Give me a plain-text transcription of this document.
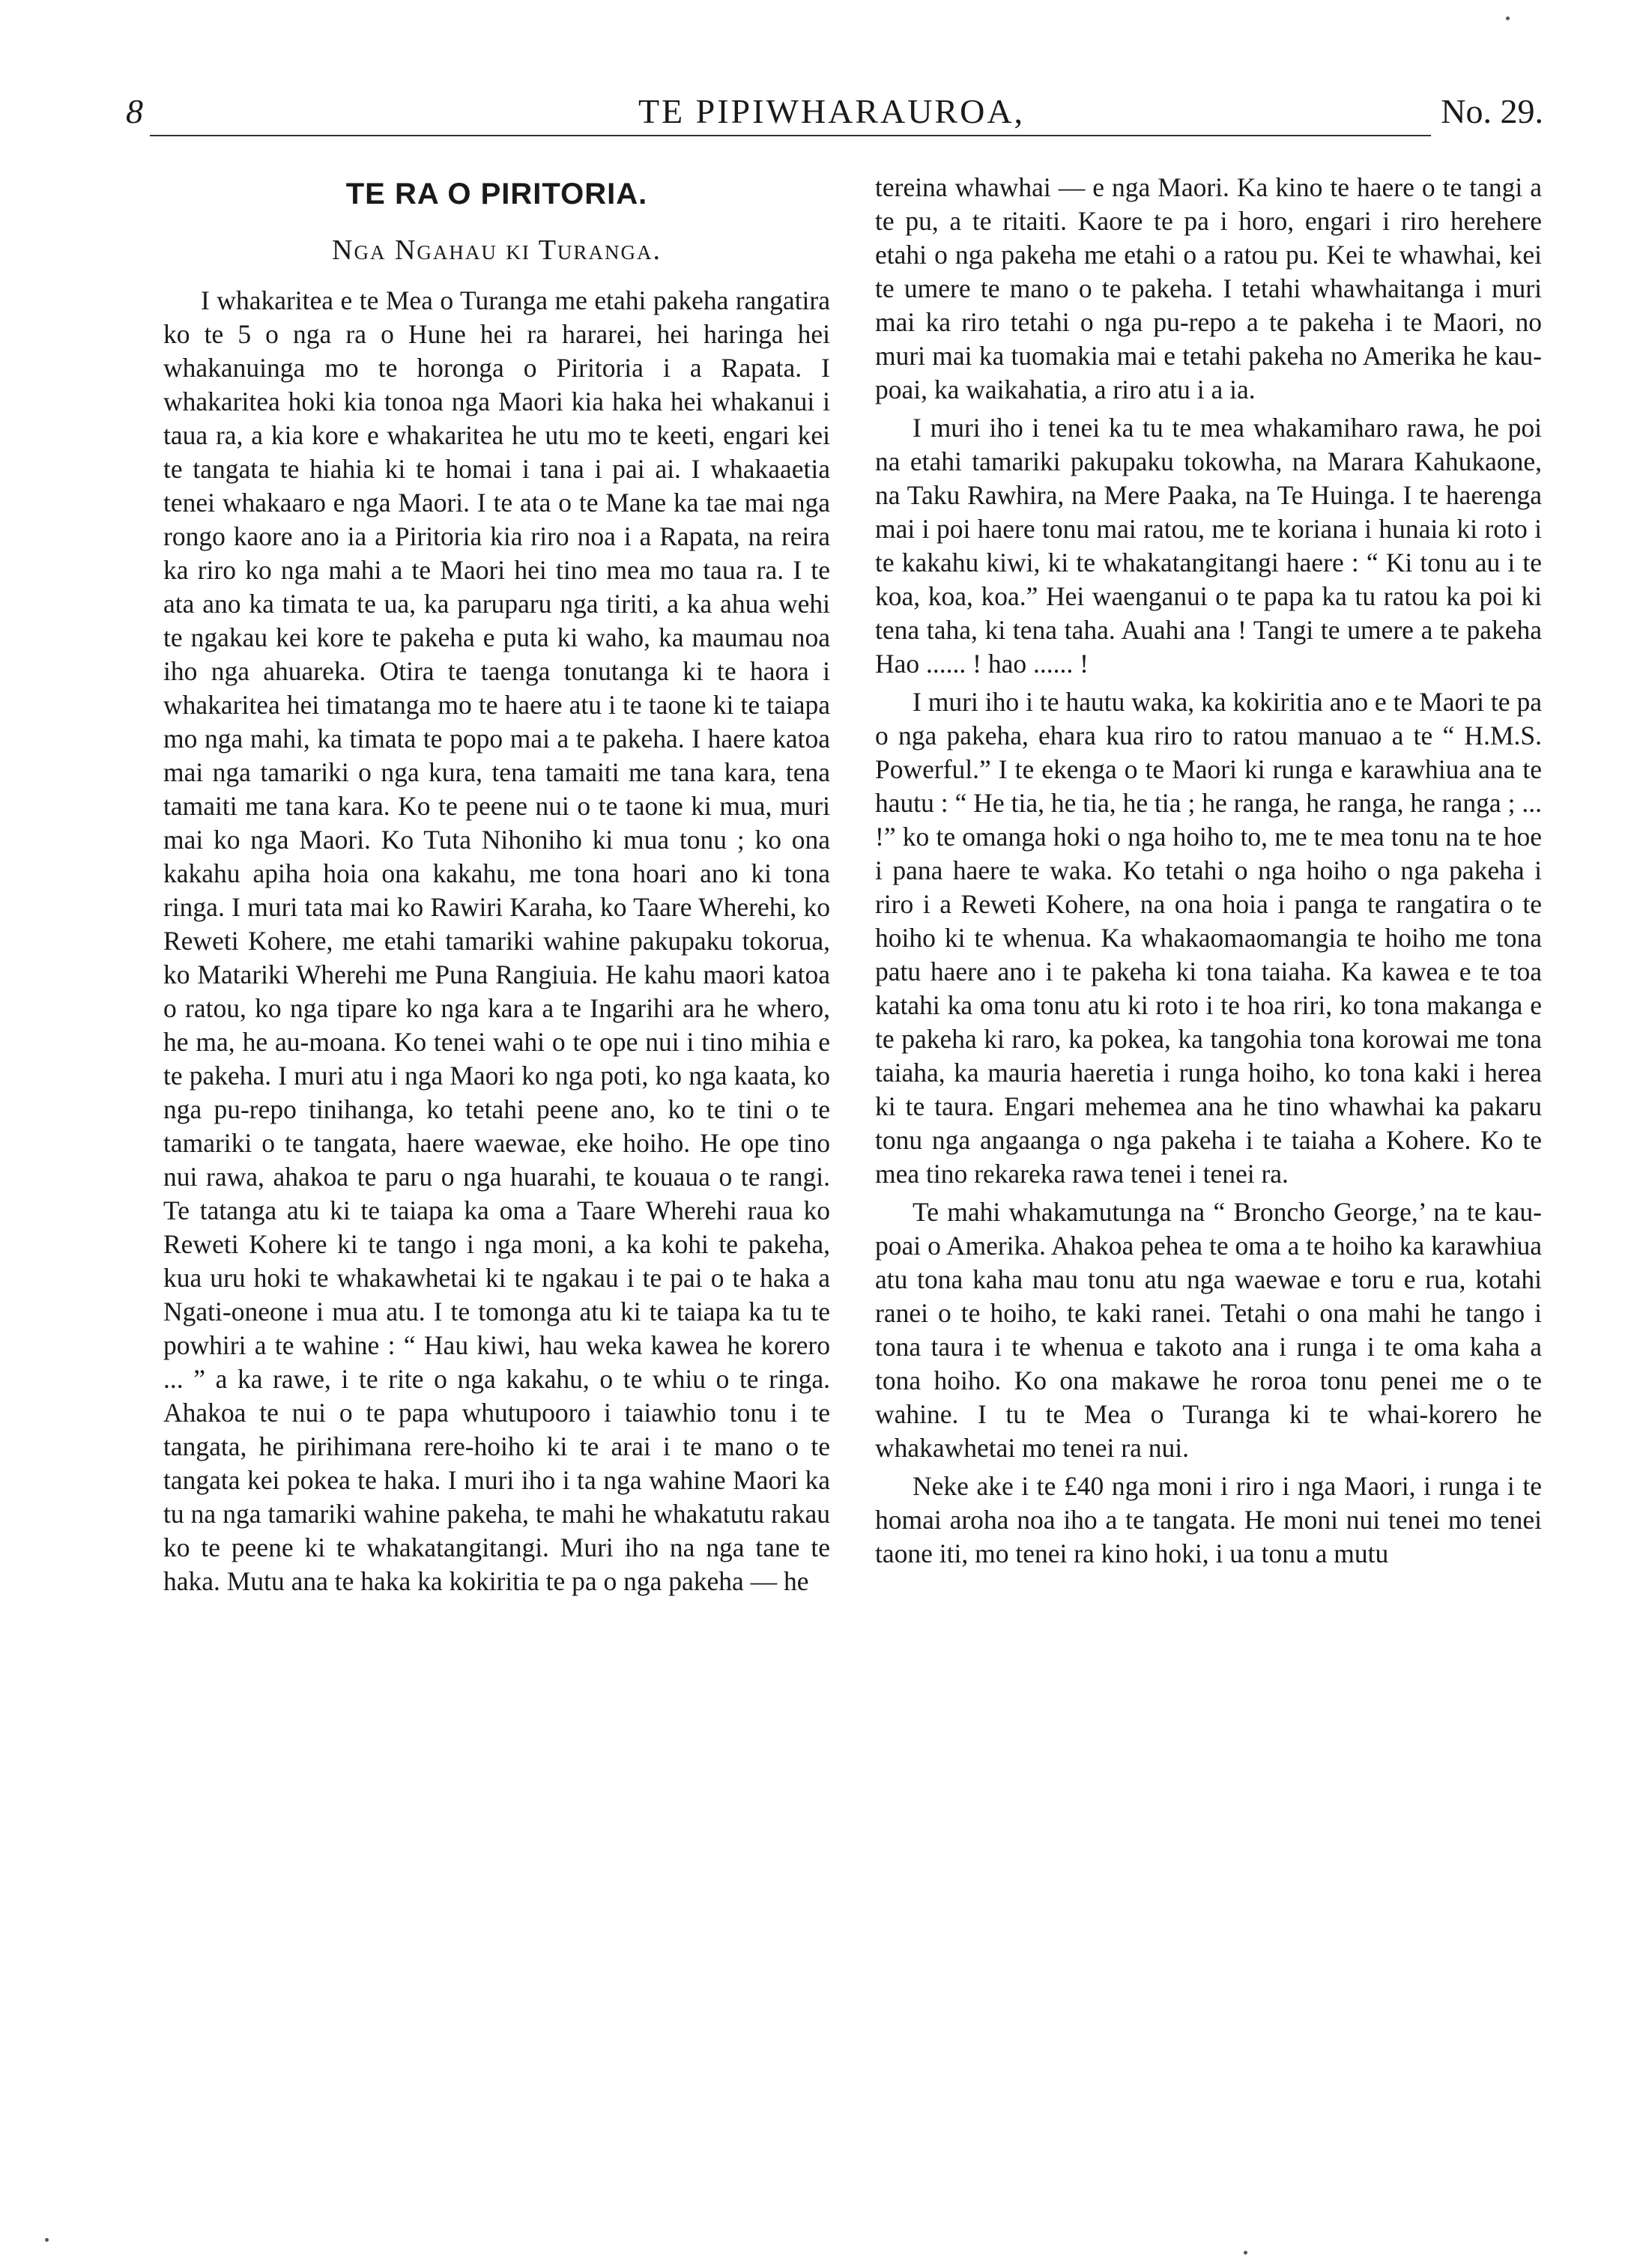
8	TE PIPIWHARAUROA,	No. 29.
TE RA O PIRITORIA.
Nga Ngahau ki Turanga.

I whakaritea e te Mea o Turanga me etahi pakeha rangatira ko te 5 o nga ra o Hune hei ra hararei, hei haringa hei whakanuinga mo te horonga o Piritoria i a Rapata. I whakaritea hoki kia tonoa nga Maori kia haka hei whakanui i taua ra, a kia kore e whakaritea he utu mo te keeti, engari kei te tangata te hiahia ki te homai i tana i pai ai. I whakaaetia tenei whakaaro e nga Maori. I te ata o te Mane ka tae mai nga rongo kaore ano ia a Piritoria kia riro noa i a Rapata, na reira ka riro ko nga mahi a te Maori hei tino mea mo taua ra. I te ata ano ka timata te ua, ka paruparu nga tiriti, a ka ahua wehi te ngakau kei kore te pakeha e puta ki waho, ka maumau noa iho nga ahuareka. Otira te taenga tonutanga ki te haora i whakaritea hei timatanga mo te haere atu i te taone ki te taiapa mo nga mahi, ka timata te popo mai a te pakeha. I haere katoa mai nga tamariki o nga kura, tena tamaiti me tana kara, tena tamaiti me tana kara. Ko te peene nui o te taone ki mua, muri mai ko nga Maori. Ko Tuta Nihoniho ki mua tonu ; ko ona kakahu apiha hoia ona kakahu, me tona hoari ano ki tona ringa. I muri tata mai ko Rawiri Karaha, ko Taare Wherehi, ko Reweti Kohere, me etahi tamariki wahine pakupaku tokorua, ko Matariki Wherehi me Puna Rangiuia. He kahu maori katoa o ratou, ko nga tipare ko nga kara a te Ingarihi ara he whero, he ma, he au-moana. Ko tenei wahi o te ope nui i tino mihia e te pakeha. I muri atu i nga Maori ko nga poti, ko nga kaata, ko nga pu-repo tinihanga, ko tetahi peene ano, ko te tini o te tamariki o te tangata, haere waewae, eke hoiho. He ope tino nui rawa, ahakoa te paru o nga huarahi, te kouaua o te rangi. Te tatanga atu ki te taiapa ka oma a Taare Wherehi raua ko Reweti Kohere ki te tango i nga moni, a ka kohi te pakeha, kua uru hoki te whakawhetai ki te ngakau i te pai o te haka a Ngati-oneone i mua atu. I te tomonga atu ki te taiapa ka tu te powhiri a te wahine : “ Hau kiwi, hau weka kawea he korero ... ” a ka rawe, i te rite o nga kakahu, o te whiu o te ringa. Ahakoa te nui o te papa whutupooro i taiawhio tonu i te tangata, he pirihimana rere-hoiho ki te arai i te mano o te tangata kei pokea te haka. I muri iho i ta nga wahine Maori ka tu na nga tamariki wahine pakeha, te mahi he whakatutu rakau ko te peene ki te whakatangitangi. Muri iho na nga tane te haka. Mutu ana te haka ka kokiritia te pa o nga pakeha — he

tereina whawhai — e nga Maori. Ka kino te haere o te tangi a te pu, a te ritaiti. Kaore te pa i horo, engari i riro herehere etahi o nga pakeha me etahi o a ratou pu. Kei te whawhai, kei te umere te mano o te pakeha. I tetahi whawhaitanga i muri mai ka riro tetahi o nga pu-repo a te pakeha i te Maori, no muri mai ka tuomakia mai e tetahi pakeha no Amerika he kau-poai, ka waikahatia, a riro atu i a ia.

I muri iho i tenei ka tu te mea whakamiharo rawa, he poi na etahi tamariki pakupaku tokowha, na Marara Kahukaone, na Taku Rawhira, na Mere Paaka, na Te Huinga. I te haerenga mai i poi haere tonu mai ratou, me te koriana i hunaia ki roto i te kakahu kiwi, ki te whakatangitangi haere : “ Ki tonu au i te koa, koa, koa.” Hei waenganui o te papa ka tu ratou ka poi ki tena taha, ki tena taha. Auahi ana ! Tangi te umere a te pakeha Hao ...... ! hao ...... !

I muri iho i te hautu waka, ka kokiritia ano e te Maori te pa o nga pakeha, ehara kua riro to ratou manuao a te “ H.M.S. Powerful.” I te ekenga o te Maori ki runga e karawhiua ana te hautu : “ He tia, he tia, he tia ; he ranga, he ranga, he ranga ; ... !” ko te omanga hoki o nga hoiho to, me te mea tonu na te hoe i pana haere te waka. Ko tetahi o nga hoiho o nga pakeha i riro i a Reweti Kohere, na ona hoia i panga te rangatira o te hoiho ki te whenua. Ka whakaomaomangia te hoiho me tona patu haere ano i te pakeha ki tona taiaha. Ka kawea e te toa katahi ka oma tonu atu ki roto i te hoa riri, ko tona makanga e te pakeha ki raro, ka pokea, ka tangohia tona korowai me tona taiaha, ka mauria haeretia i runga hoiho, ko tona kaki i herea ki te taura. Engari mehemea ana he tino whawhai ka pakaru tonu nga angaanga o nga pakeha i te taiaha a Kohere. Ko te mea tino rekareka rawa tenei i tenei ra.

Te mahi whakamutunga na “ Broncho George,’ na te kau-poai o Amerika. Ahakoa pehea te oma a te hoiho ka karawhiua atu tona kaha mau tonu atu nga waewae e toru e rua, kotahi ranei o te hoiho, te kaki ranei. Tetahi o ona mahi he tango i tona taura i te whenua e takoto ana i runga i te oma kaha a tona hoiho. Ko ona makawe he roroa tonu penei me o te wahine. I tu te Mea o Turanga ki te whai-korero he whakawhetai mo tenei ra nui.

Neke ake i te £40 nga moni i riro i nga Maori, i runga i te homai aroha noa iho a te tangata. He moni nui tenei mo tenei taone iti, mo tenei ra kino hoki, i ua tonu a mutu
